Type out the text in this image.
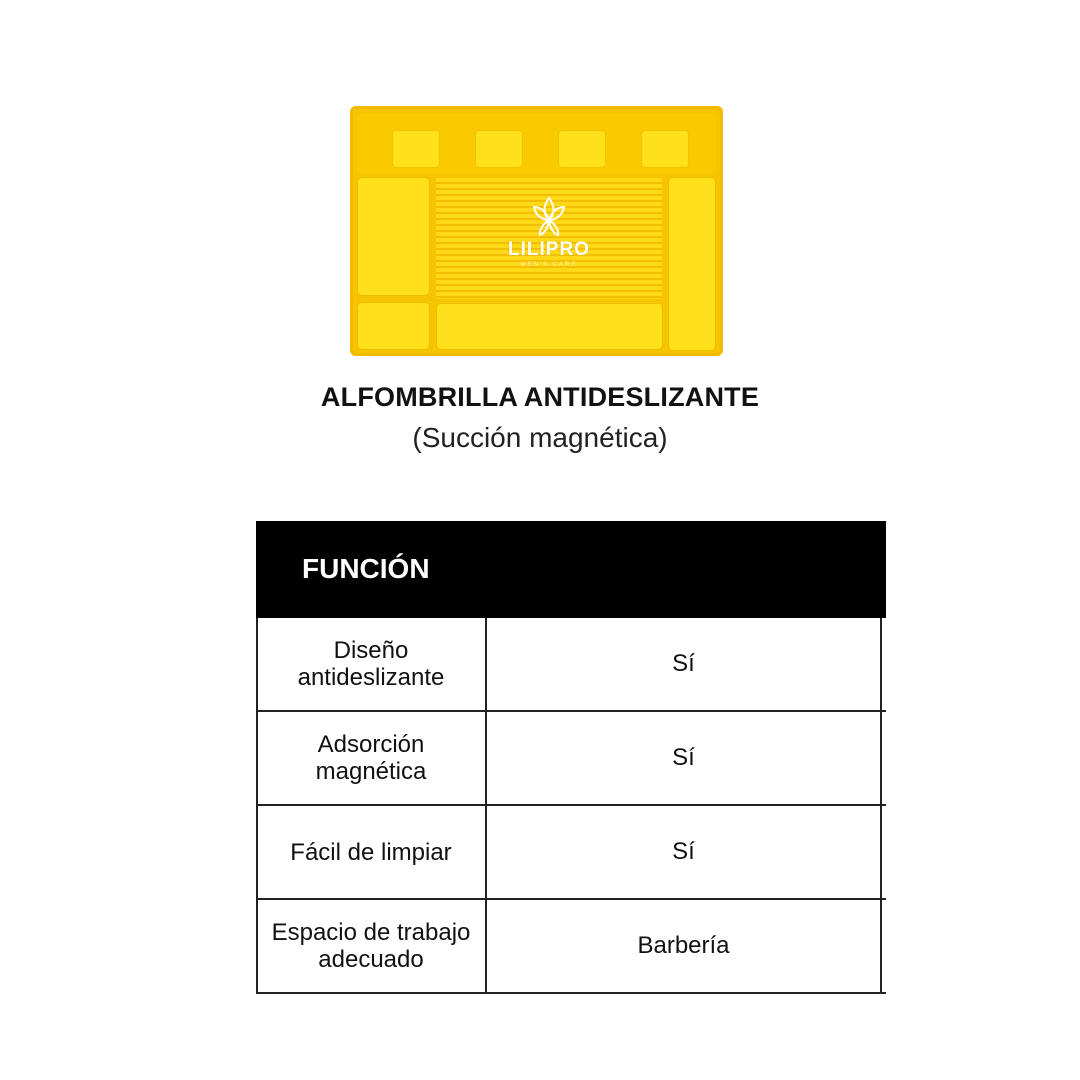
LILIPRO
MEN'S CARE
ALFOMBRILLA ANTIDESLIZANTE
(Succión magnética)
FUNCIÓN
Diseño antideslizante
Sí
Adsorción magnética
Sí
Fácil de limpiar	Sí
Espacio de trabajo adecuado
Barbería
